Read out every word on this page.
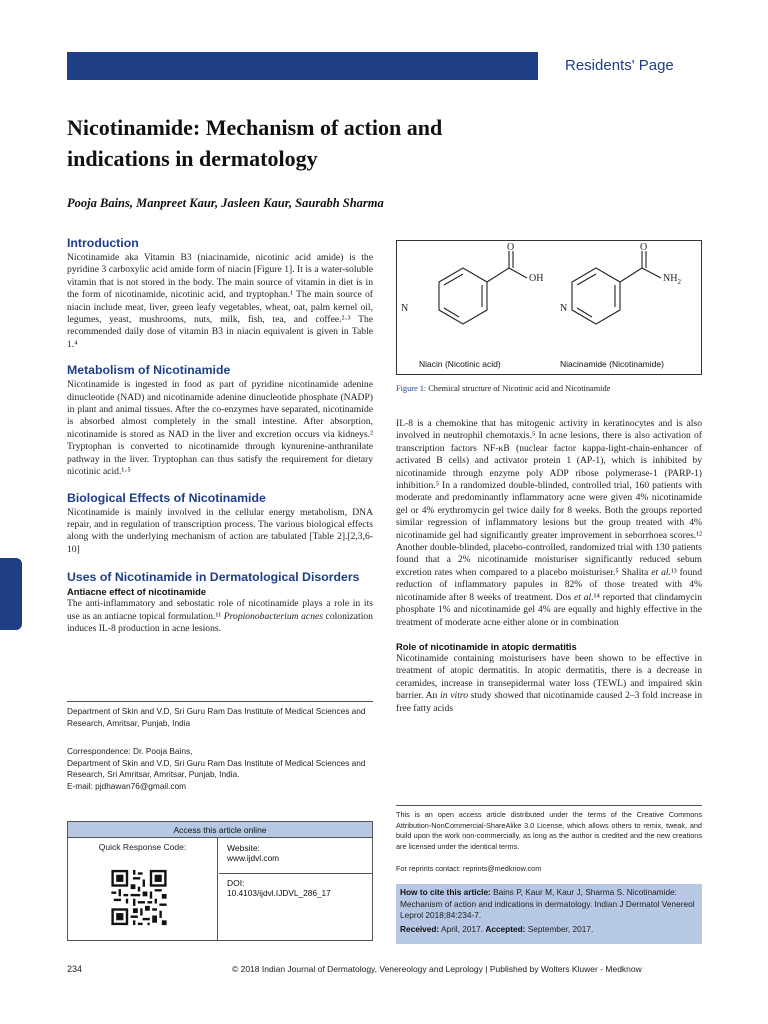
Residents' Page
Nicotinamide: Mechanism of action and indications in dermatology
Pooja Bains, Manpreet Kaur, Jasleen Kaur, Saurabh Sharma
Introduction

Nicotinamide aka Vitamin B3 (niacinamide, nicotinic acid amide) is the pyridine 3 carboxylic acid amide form of niacin [Figure 1]. It is a water-soluble vitamin that is not stored in the body. The main source of vitamin in diet is in the form of nicotinamide, nicotinic acid, and tryptophan.¹ The main source of niacin include meat, liver, green leafy vegetables, wheat, oat, palm kernel oil, legumes, yeast, mushrooms, nuts, milk, fish, tea, and coffee.²·³ The recommended daily dose of vitamin B3 in niacin equivalent is given in Table 1.⁴

Metabolism of Nicotinamide

Nicotinamide is ingested in food as part of pyridine nicotinamide adenine dinucleotide (NAD) and nicotinamide adenine dinucleotide phosphate (NADP) in plant and animal tissues. After the co-enzymes have separated, nicotinamide is absorbed almost completely in the small intestine. After absorption, nicotinamide is stored as NAD in the liver and excretion occurs via kidneys.² Tryptophan is converted to nicotinamide through kynurenine-anthranilate pathway in the liver. Tryptophan can thus satisfy the requirement for dietary nicotinic acid.¹·⁵

Biological Effects of Nicotinamide

Nicotinamide is mainly involved in the cellular energy metabolism, DNA repair, and in regulation of transcription process. The various biological effects along with the underlying mechanism of action are tabulated [Table 2].[2,3,6-10]

Uses of Nicotinamide in Dermatological Disorders
Antiacne effect of nicotinamide

The anti-inflammatory and sebostatic role of nicotinamide plays a role in its use as an antiacne topical formulation.¹¹ Propionobacterium acnes colonization induces IL-8 production in acne lesions.

O	O
N	N
OH	$NH_2$
Niacin (Nicotinic acid)	Niacinamide (Nicotinamide)
Figure 1: Chemical structure of Nicotinic acid and Nicotinamide

IL-8 is a chemokine that has mitogenic activity in keratinocytes and is also involved in neutrophil chemotaxis.⁵ In acne lesions, there is also activation of transcription factors NF-κB (nuclear factor kappa-light-chain-enhancer of activated B cells) and activator protein 1 (AP-1), which is inhibited by nicotinamide through enzyme poly ADP ribose polymerase-1 (PARP-1) inhibition.⁵ In a randomized double-blinded, controlled trial, 160 patients with moderate and predominantly inflammatory acne were given 4% nicotinamide gel or 4% erythromycin gel twice daily for 8 weeks. Both the groups reported similar regression of inflammatory lesions but the group treated with 4% nicotinamide gel had significantly greater improvement in seborrhoea scores.¹² Another double-blinded, placebo-controlled, randomized trial with 130 patients found that a 2% nicotinamide moisturiser significantly reduced sebum excretion rates when compared to a placebo moisturiser.⁵ Shalita et al.¹³ found reduction of inflammatory papules in 82% of those treated with 4% nicotinamide after 8 weeks of treatment. Dos et al.¹⁴ reported that clindamycin phosphate 1% and nicotinamide gel 4% are equally and highly effective in the treatment of moderate acne either alone or in combination

Role of nicotinamide in atopic dermatitis

Nicotinamide containing moisturisers have been shown to be effective in treatment of atopic dermatitis. In atopic dermatitis, there is a decrease in ceramides, increase in transepidermal water loss (TEWL) and impaired skin barrier. An in vitro study showed that nicotinamide caused 2–3 fold increase in free fatty acids

Department of Skin and V.D, Sri Guru Ram Das Institute of Medical Sciences and Research, Amritsar, Punjab, India
Correspondence: Dr. Pooja Bains,
Department of Skin and V.D, Sri Guru Ram Das Institute of Medical Sciences and Research, Sri Amritsar, Amritsar, Punjab, India.
E-mail: pjdhawan76@gmail.com
Access this article online
Quick Response Code:	Website:
www.ijdvl.com
DOI:
10.4103/ijdvl.IJDVL_286_17
This is an open access article distributed under the terms of the Creative Commons Attribution-NonCommercial-ShareAlike 3.0 License, which allows others to remix, tweak, and build upon the work non-commercially, as long as the author is credited and the new creations are licensed under the identical terms.
For reprints contact: reprints@medknow.com
How to cite this article: Bains P, Kaur M, Kaur J, Sharma S. Nicotinamide: Mechanism of action and indications in dermatology. Indian J Dermatol Venereol Leprol 2018;84:234-7.
Received: April, 2017. Accepted: September, 2017.
234	© 2018 Indian Journal of Dermatology, Venereology and Leprology | Published by Wolters Kluwer - Medknow
